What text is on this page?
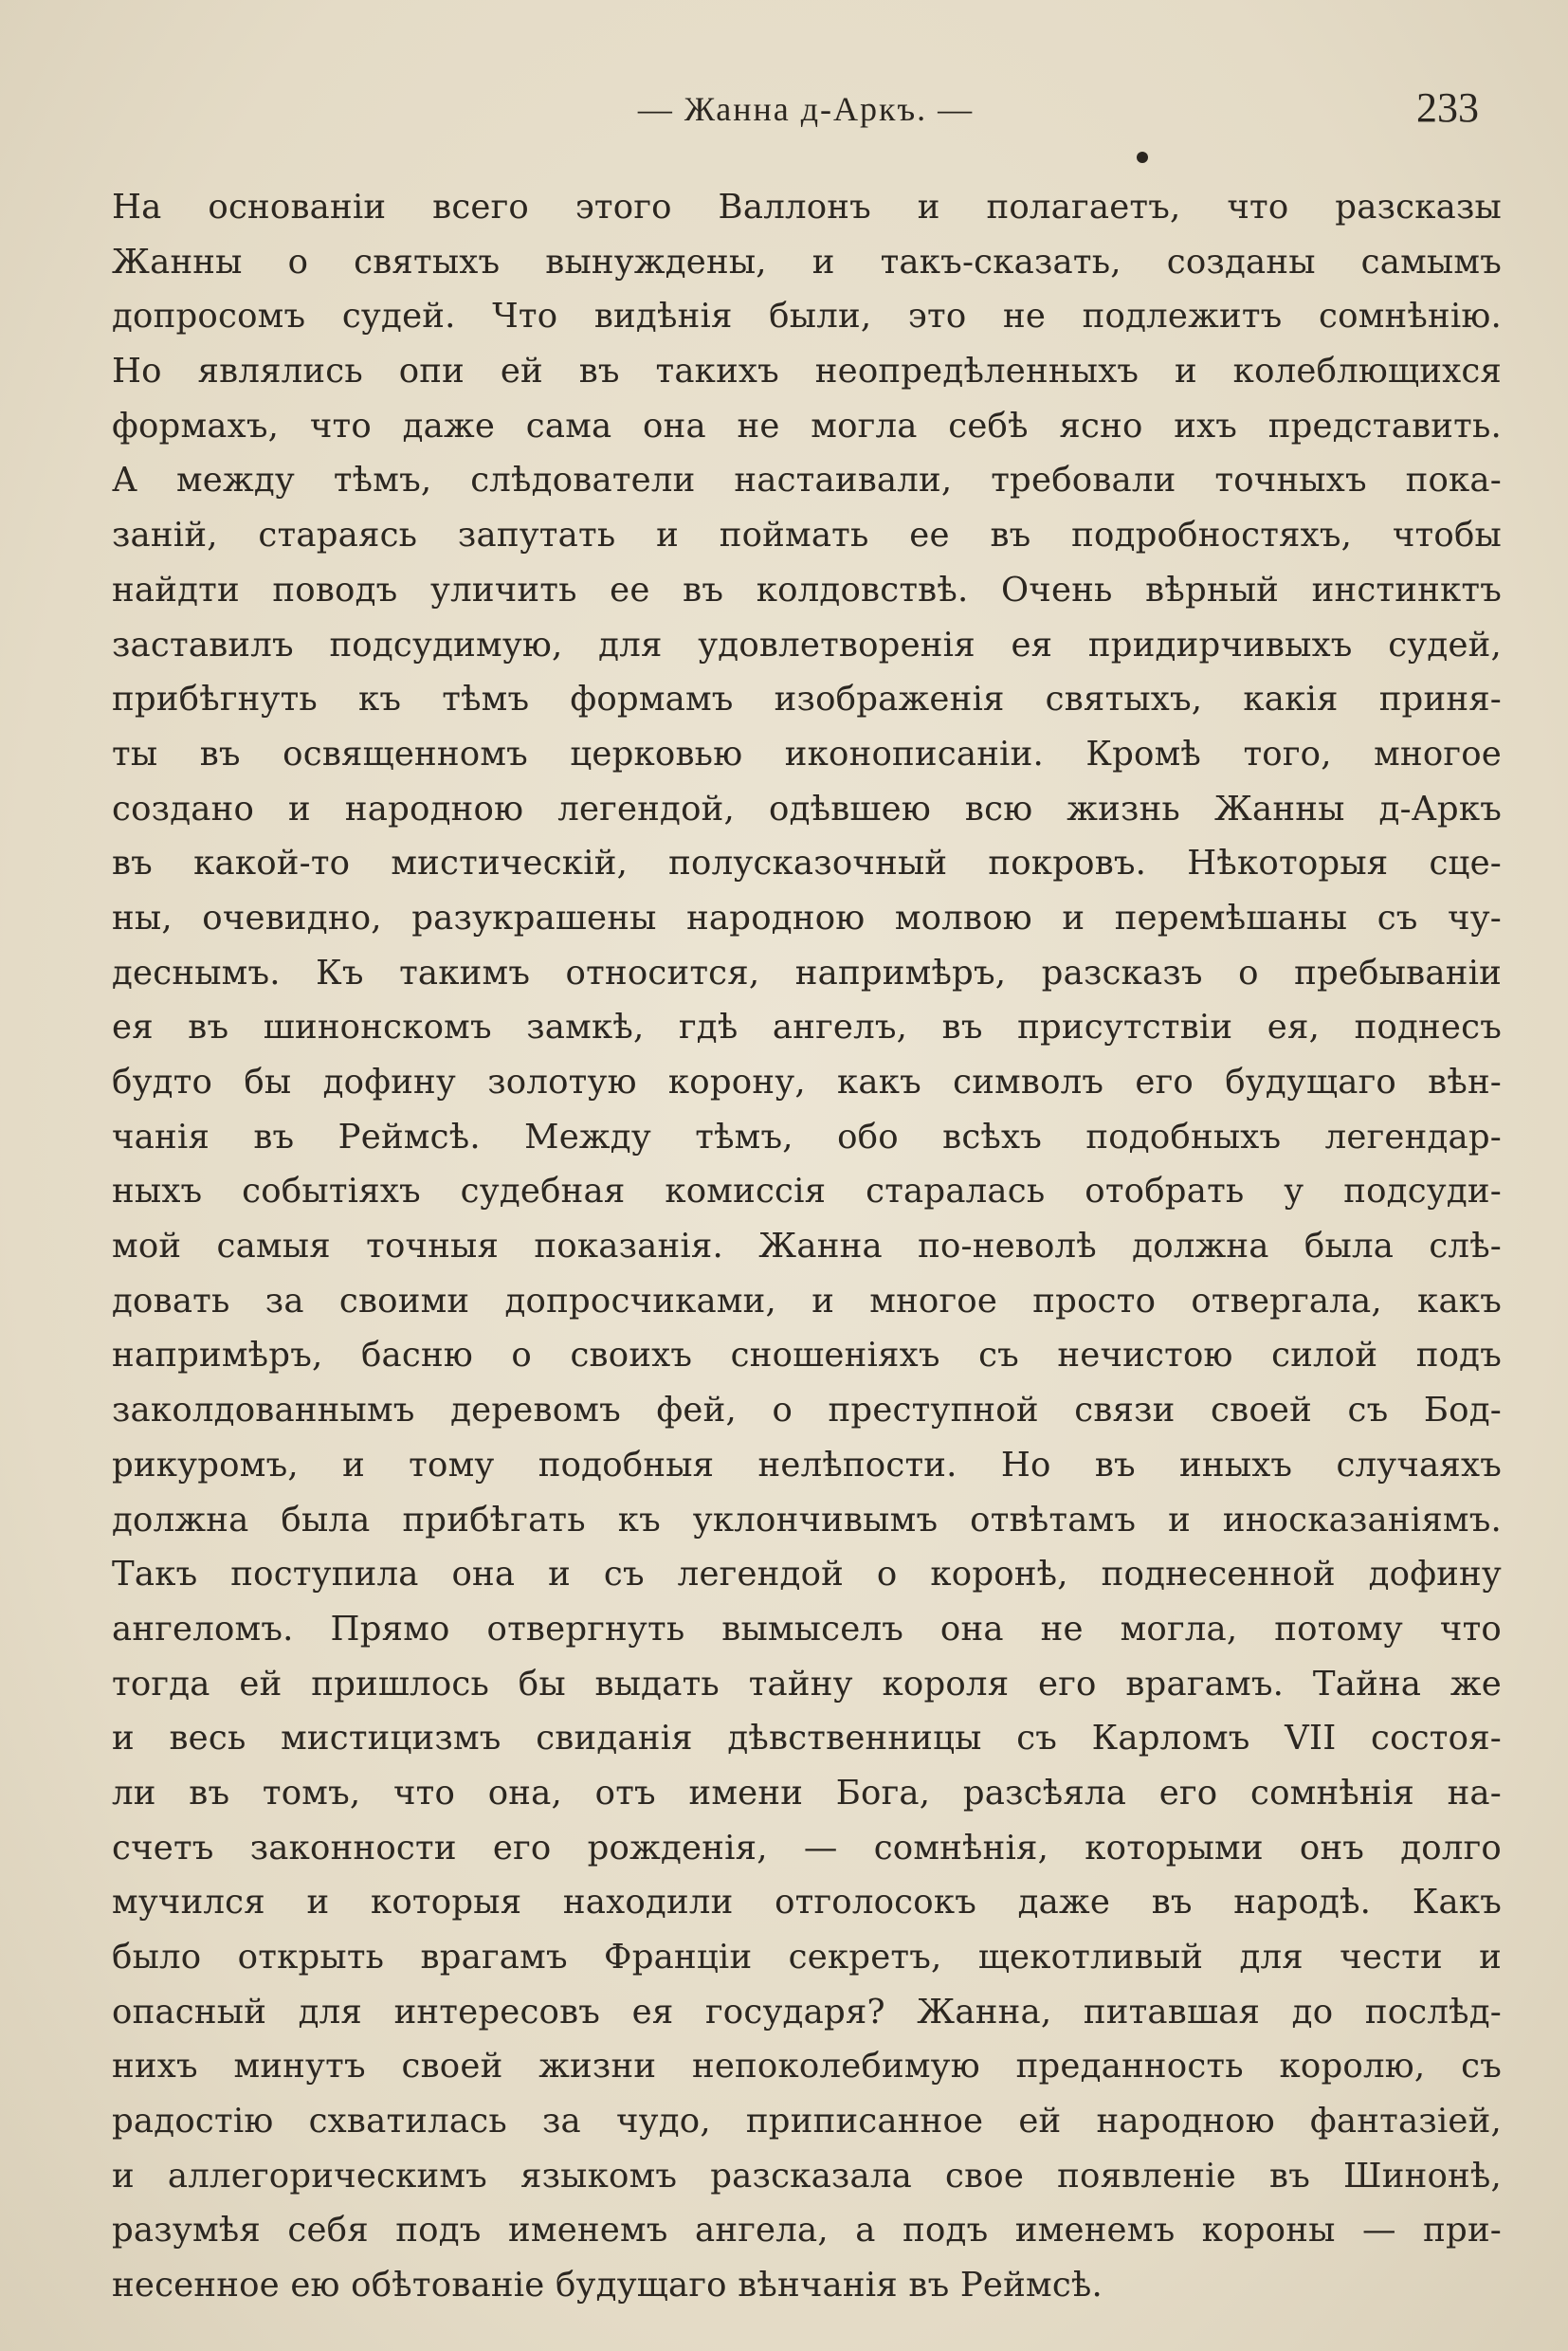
— Жанна д-Аркъ. —	233
На основанiи всего этого Валлонъ и полагаетъ, что разсказы
Жанны о святыхъ вынуждены, и такъ-сказать, созданы самымъ
допросомъ судей. Что видѣнiя были, это не подлежитъ сомнѣнiю.
Но являлись опи ей въ такихъ неопредѣленныхъ и колеблющихся
формахъ, что даже сама она не могла себѣ ясно ихъ представить.
А между тѣмъ, слѣдователи настаивали, требовали точныхъ пока-
занiй, стараясь запутать и поймать ее въ подробностяхъ, чтобы
найдти поводъ уличить ее въ колдовствѣ. Очень вѣрный инстинктъ
заставилъ подсудимую, для удовлетворенiя ея придирчивыхъ судей,
прибѣгнуть къ тѣмъ формамъ изображенiя святыхъ, какiя приня-
ты въ освященномъ церковью иконописанiи. Кромѣ того, многое
создано и народною легендой, одѣвшею всю жизнь Жанны д-Аркъ
въ какой-то мистическiй, полусказочный покровъ. Нѣкоторыя сце-
ны, очевидно, разукрашены народною молвою и перемѣшаны съ чу-
деснымъ. Къ такимъ относится, напримѣръ, разсказъ о пребыванiи
ея въ шинонскомъ замкѣ, гдѣ ангелъ, въ присутствiи ея, поднесъ
будто бы дофину золотую корону, какъ символъ его будущаго вѣн-
чанiя въ Реймсѣ. Между тѣмъ, обо всѣхъ подобныхъ легендар-
ныхъ событiяхъ судебная комиссiя старалась отобрать у подсуди-
мой самыя точныя показанiя. Жанна по-неволѣ должна была слѣ-
довать за своими допросчиками, и многое просто отвергала, какъ
напримѣръ, басню о своихъ сношенiяхъ съ нечистою силой подъ
заколдованнымъ деревомъ фей, о преступной связи своей съ Бод-
рикуромъ, и тому подобныя нелѣпости. Но въ иныхъ случаяхъ
должна была прибѣгать къ уклончивымъ отвѣтамъ и иносказанiямъ.
Такъ поступила она и съ легендой о коронѣ, поднесенной дофину
ангеломъ. Прямо отвергнуть вымыселъ она не могла, потому что
тогда ей пришлось бы выдать тайну короля его врагамъ. Тайна же
и весь мистицизмъ свиданiя дѣвственницы съ Карломъ VII состоя-
ли въ томъ, что она, отъ имени Бога, разсѣяла его сомнѣнiя на-
счетъ законности его рожденiя, — сомнѣнiя, которыми онъ долго
мучился и которыя находили отголосокъ даже въ народѣ. Какъ
было открыть врагамъ Францiи секретъ, щекотливый для чести и
опасный для интересовъ ея государя? Жанна, питавшая до послѣд-
нихъ минутъ своей жизни непоколебимую преданность королю, съ
радостiю схватилась за чудо, приписанное ей народною фантазiей,
и аллегорическимъ языкомъ разсказала свое появленiе въ Шинонѣ,
разумѣя себя подъ именемъ ангела, а подъ именемъ короны — при-
несенное ею обѣтованiе будущаго вѣнчанiя въ Реймсѣ.
